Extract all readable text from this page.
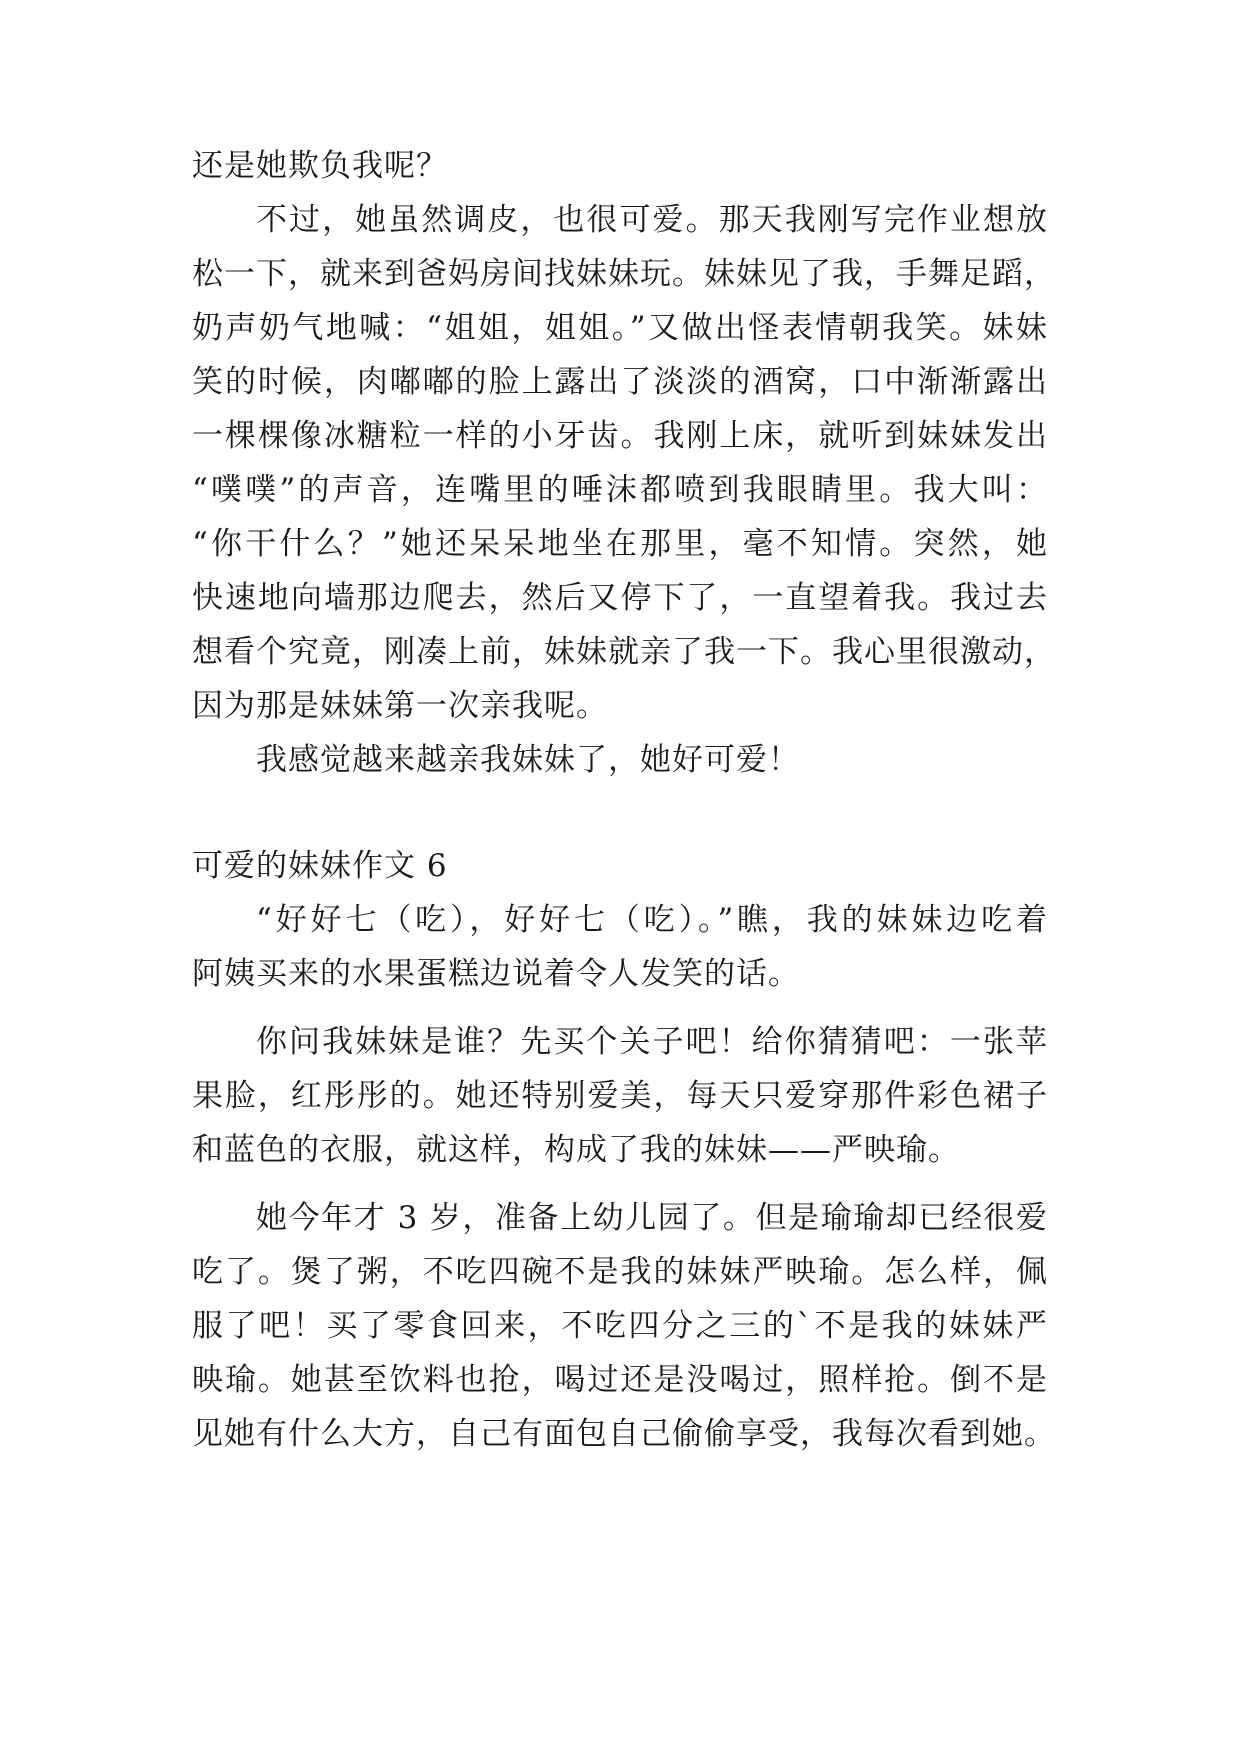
还是她欺负我呢？
不过，她虽然调皮，也很可爱。那天我刚写完作业想放
松一下，就来到爸妈房间找妹妹玩。妹妹见了我，手舞足蹈，
奶声奶气地喊：“姐姐，姐姐。”又做出怪表情朝我笑。妹妹
笑的时候，肉嘟嘟的脸上露出了淡淡的酒窝，口中渐渐露出
一棵棵像冰糖粒一样的小牙齿。我刚上床，就听到妹妹发出
“噗噗”的声音，连嘴里的唾沫都喷到我眼睛里。我大叫：
“你干什么？”她还呆呆地坐在那里，毫不知情。突然，她
快速地向墙那边爬去，然后又停下了，一直望着我。我过去
想看个究竟，刚凑上前，妹妹就亲了我一下。我心里很激动，
因为那是妹妹第一次亲我呢。
我感觉越来越亲我妹妹了，她好可爱！
可爱的妹妹作文 6
“好好七（吃），好好七（吃）。”瞧，我的妹妹边吃着
阿姨买来的水果蛋糕边说着令人发笑的话。
你问我妹妹是谁？先买个关子吧！给你猜猜吧：一张苹
果脸，红彤彤的。她还特别爱美，每天只爱穿那件彩色裙子
和蓝色的衣服，就这样，构成了我的妹妹——严映瑜。
她今年才 3 岁，准备上幼儿园了。但是瑜瑜却已经很爱
吃了。煲了粥，不吃四碗不是我的妹妹严映瑜。怎么样，佩
服了吧！买了零食回来，不吃四分之三的`不是我的妹妹严
映瑜。她甚至饮料也抢，喝过还是没喝过，照样抢。倒不是
见她有什么大方，自己有面包自己偷偷享受，我每次看到她。
